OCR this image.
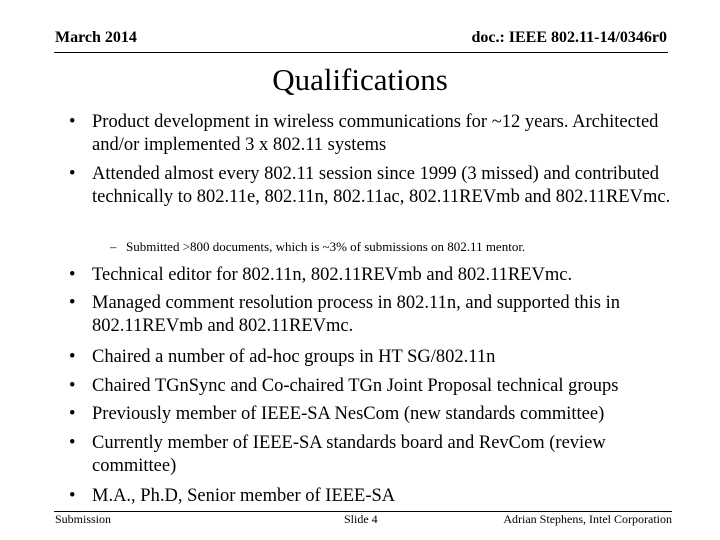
March 2014	doc.: IEEE 802.11-14/0346r0
Qualifications
• Product development in wireless communications for ~12 years. Architected and/or implemented 3 x 802.11 systems
• Attended almost every 802.11 session since 1999 (3 missed) and contributed technically to 802.11e, 802.11n, 802.11ac, 802.11REVmb and 802.11REVmc.
– Submitted >800 documents, which is ~3% of submissions on 802.11 mentor.
• Technical editor for 802.11n, 802.11REVmb and 802.11REVmc.
• Managed comment resolution process in 802.11n, and supported this in 802.11REVmb and 802.11REVmc.
• Chaired a number of ad-hoc groups in HT SG/802.11n
• Chaired TGnSync and Co-chaired TGn Joint Proposal technical groups
• Previously member of IEEE-SA NesCom (new standards committee)
• Currently member of IEEE-SA standards board and RevCom (review committee)
• M.A., Ph.D, Senior member of IEEE-SA
Submission	Slide 4	Adrian Stephens, Intel Corporation
